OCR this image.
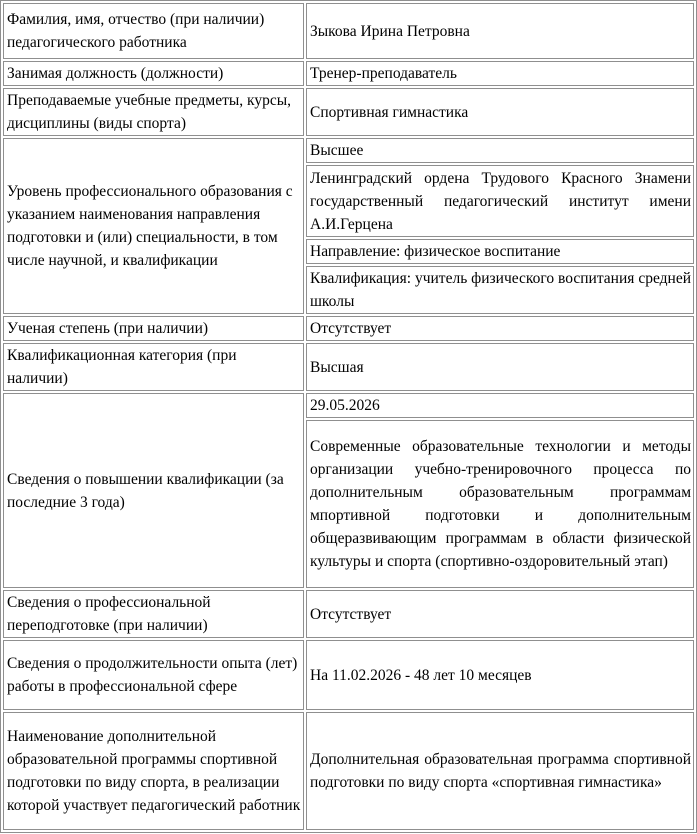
Фамилия, имя, отчество (при наличии) педагогического работника	Зыкова Ирина Петровна
Занимая должность (должности)	Тренер-преподаватель
Преподаваемые учебные предметы, курсы, дисциплины (виды спорта)	Спортивная гимнастика
Уровень профессионального образования с указанием наименования направления подготовки и (или) специальности, в том числе научной, и квалификации	Высшее
	Ленинградский ордена Трудового Красного Знамени государственный педагогический институт имени А.И.Герцена
	Направление: физическое воспитание
	Квалификация: учитель физического воспитания средней школы
Ученая степень (при наличии)	Отсутствует
Квалификационная категория (при наличии)	Высшая
Сведения о повышении квалификации (за последние 3 года)	29.05.2026
	Современные образовательные технологии и методы организации учебно-тренировочного процесса по дополнительным образовательным программам мпортивной подготовки и дополнительным общеразвивающим программам в области физической культуры и спорта (спортивно-оздоровительный этап)
Сведения о профессиональной переподготовке (при наличии)	Отсутствует
Сведения о продолжительности опыта (лет) работы в профессиональной сфере	На 11.02.2026 - 48 лет 10 месяцев
Наименование дополнительной образовательной программы спортивной подготовки по виду спорта, в реализации которой участвует педагогический работник	Дополнительная образовательная программа спортивной подготовки по виду спорта «спортивная гимнастика»
